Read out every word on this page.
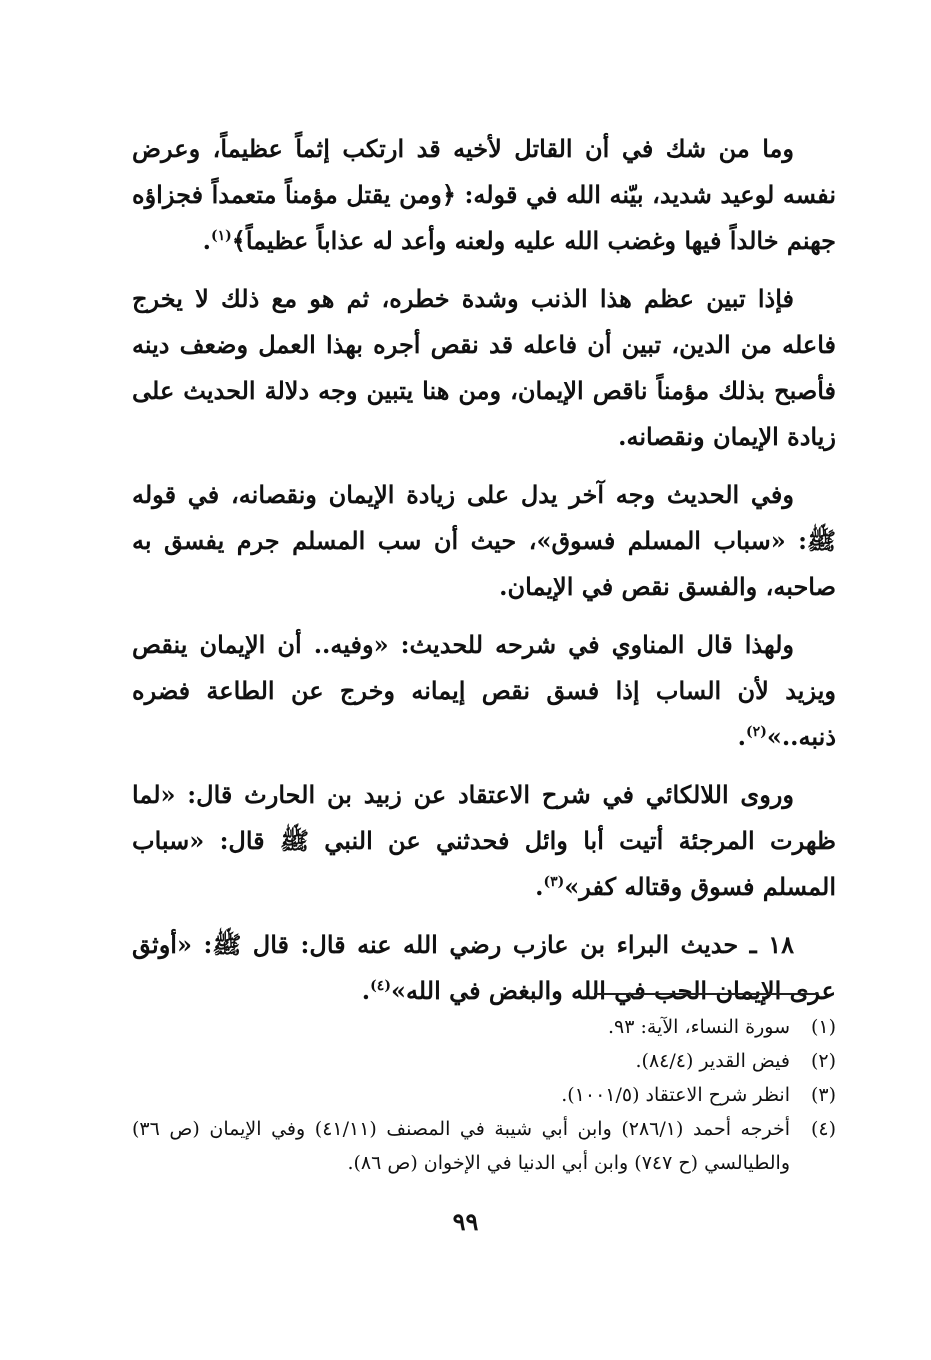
وما من شك في أن القاتل لأخيه قد ارتكب إثماً عظيماً، وعرض نفسه لوعيد شديد، بيّنه الله في قوله: ﴿ومن يقتل مؤمناً متعمداً فجزاؤه جهنم خالداً فيها وغضب الله عليه ولعنه وأعد له عذاباً عظيماً﴾$^{(١)}$.

فإذا تبين عظم هذا الذنب وشدة خطره، ثم هو مع ذلك لا يخرج فاعله من الدين، تبين أن فاعله قد نقص أجره بهذا العمل وضعف دينه فأصبح بذلك مؤمناً ناقص الإيمان، ومن هنا يتبين وجه دلالة الحديث على زيادة الإيمان ونقصانه.

وفي الحديث وجه آخر يدل على زيادة الإيمان ونقصانه، في قوله ﷺ: «سباب المسلم فسوق»، حيث أن سب المسلم جرم يفسق به صاحبه، والفسق نقص في الإيمان.

ولهذا قال المناوي في شرحه للحديث: «وفيه.. أن الإيمان ينقص ويزيد لأن الساب إذا فسق نقص إيمانه وخرج عن الطاعة فضره ذنبه..»$^{(٢)}$.

وروى اللالكائي في شرح الاعتقاد عن زبيد بن الحارث قال: «لما ظهرت المرجئة أتيت أبا وائل فحدثني عن النبي ﷺ قال: «سباب المسلم فسوق وقتاله كفر»$^{(٣)}$.

١٨ ـ حديث البراء بن عازب رضي الله عنه قال: قال ﷺ: «أوثق عرى الإيمان الحب في الله والبغض في الله»$^{(٤)}$.

(١)
سورة النساء، الآية: ٩٣.
(٢)
فيض القدير (٨٤/٤).
(٣)
انظر شرح الاعتقاد (١٠٠١/٥).
(٤)
أخرجه أحمد (٢٨٦/١) وابن أبي شيبة في المصنف (٤١/١١) وفي الإيمان (ص ٣٦) والطيالسي (ح ٧٤٧) وابن أبي الدنيا في الإخوان (ص ٨٦).
٩٩
